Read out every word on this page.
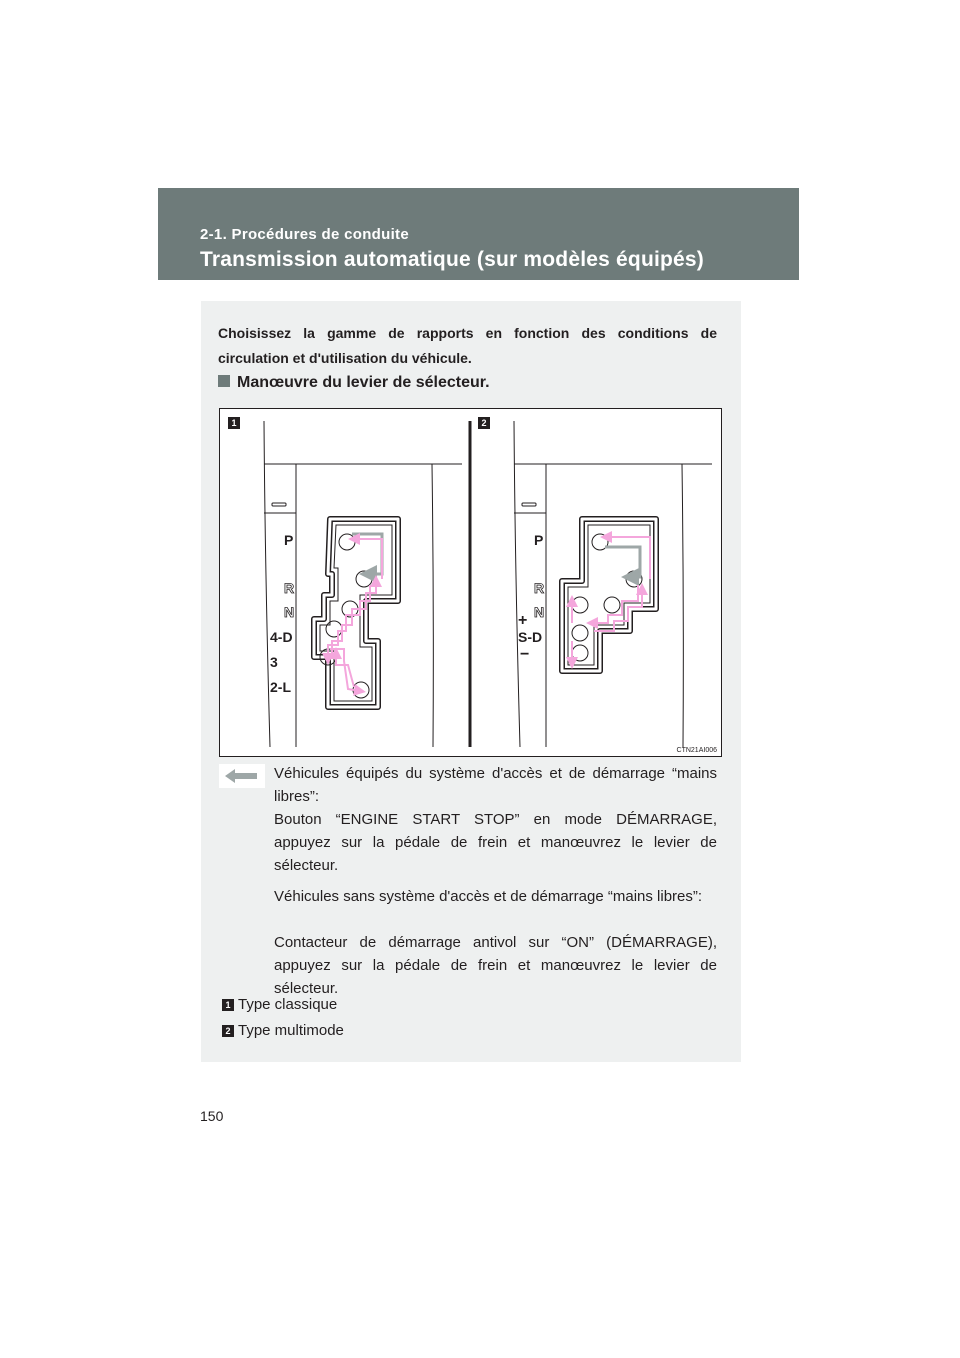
2-1. Procédures de conduite
Transmission automatique (sur modèles équipés)
Choisissez la gamme de rapports en fonction des conditions de circulation et d'utilisation du véhicule.
Manœuvre du levier de sélecteur.
P
R
N
4-D
3
2-L
P
R
N
+
S-D
−
1	2
CTN21AI006
Véhicules équipés du système d'accès et de démarrage “mains libres”:
Bouton “ENGINE START STOP” en mode DÉMARRAGE, appuyez sur la pédale de frein et manœuvrez le levier de sélecteur.
Véhicules sans système d'accès et de démarrage “mains libres”:
Contacteur de démarrage antivol sur “ON” (DÉMARRAGE), appuyez sur la pédale de frein et manœuvrez le levier de sélecteur.
1 Type classique
2 Type multimode
150
